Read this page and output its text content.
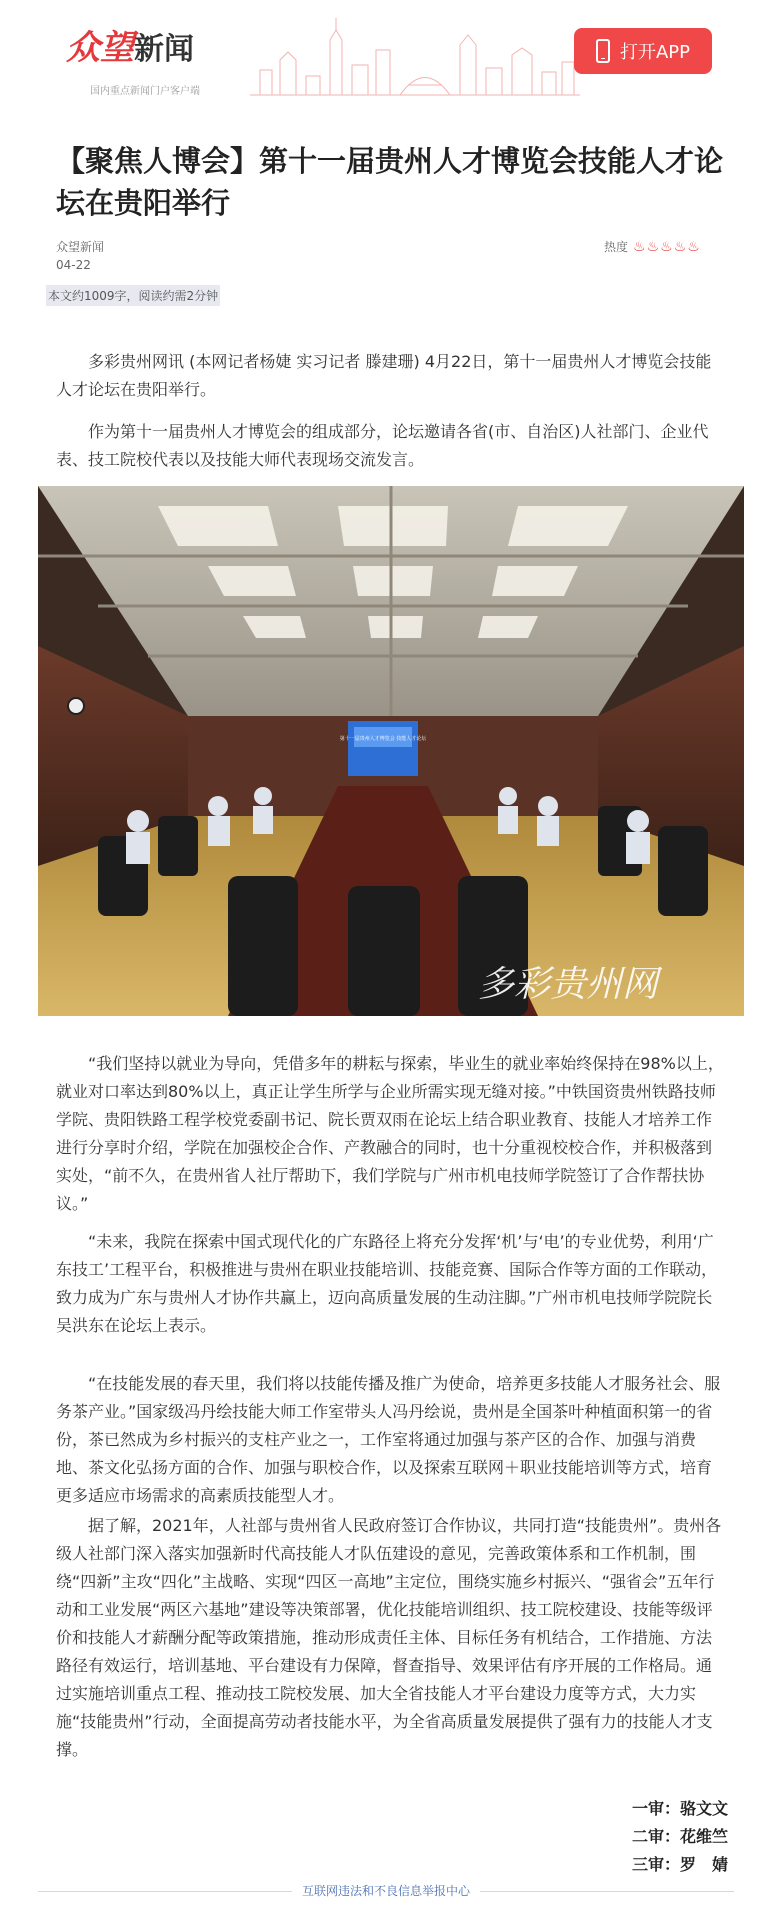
众望新闻
国内重点新闻门户客户端
打开APP
【聚焦人博会】第十一届贵州人才博览会技能人才论坛在贵阳举行
众望新闻
04-22
热度 ♨ ♨ ♨ ♨ ♨
本文约1009字，阅读约需2分钟

多彩贵州网讯 (本网记者杨婕 实习记者 滕建珊) 4月22日，第十一届贵州人才博览会技能人才论坛在贵阳举行。

作为第十一届贵州人才博览会的组成部分，论坛邀请各省(市、自治区)人社部门、企业代表、技工院校代表以及技能大师代表现场交流发言。

多彩贵州网
第十一届贵州人才博览会 技能人才论坛

“我们坚持以就业为导向，凭借多年的耕耘与探索，毕业生的就业率始终保持在98%以上，就业对口率达到80%以上，真正让学生所学与企业所需实现无缝对接。”中铁国资贵州铁路技师学院、贵阳铁路工程学校党委副书记、院长贾双雨在论坛上结合职业教育、技能人才培养工作进行分享时介绍，学院在加强校企合作、产教融合的同时，也十分重视校校合作，并积极落到实处，“前不久，在贵州省人社厅帮助下，我们学院与广州市机电技师学院签订了合作帮扶协议。”

“未来，我院在探索中国式现代化的广东路径上将充分发挥‘机’与‘电’的专业优势，利用‘广东技工’工程平台，积极推进与贵州在职业技能培训、技能竞赛、国际合作等方面的工作联动，致力成为广东与贵州人才协作共赢上，迈向高质量发展的生动注脚。”广州市机电技师学院院长吴洪东在论坛上表示。

“在技能发展的春天里，我们将以技能传播及推广为使命，培养更多技能人才服务社会、服务茶产业。”国家级冯丹绘技能大师工作室带头人冯丹绘说，贵州是全国茶叶种植面积第一的省份，茶已然成为乡村振兴的支柱产业之一，工作室将通过加强与茶产区的合作、加强与消费地、茶文化弘扬方面的合作、加强与职校合作，以及探索互联网＋职业技能培训等方式，培育更多适应市场需求的高素质技能型人才。

据了解，2021年，人社部与贵州省人民政府签订合作协议，共同打造“技能贵州”。贵州各级人社部门深入落实加强新时代高技能人才队伍建设的意见，完善政策体系和工作机制，围绕“四新”主攻“四化”主战略、实现“四区一高地”主定位，围绕实施乡村振兴、“强省会”五年行动和工业发展“两区六基地”建设等决策部署，优化技能培训组织、技工院校建设、技能等级评价和技能人才薪酬分配等政策措施，推动形成责任主体、目标任务有机结合，工作措施、方法路径有效运行，培训基地、平台建设有力保障，督查指导、效果评估有序开展的工作格局。通过实施培训重点工程、推动技工院校发展、加大全省技能人才平台建设力度等方式，大力实施“技能贵州”行动，全面提高劳动者技能水平，为全省高质量发展提供了强有力的技能人才支撑。

一审：骆文文
二审：花维竺
三审：罗　婧
互联网违法和不良信息举报中心
